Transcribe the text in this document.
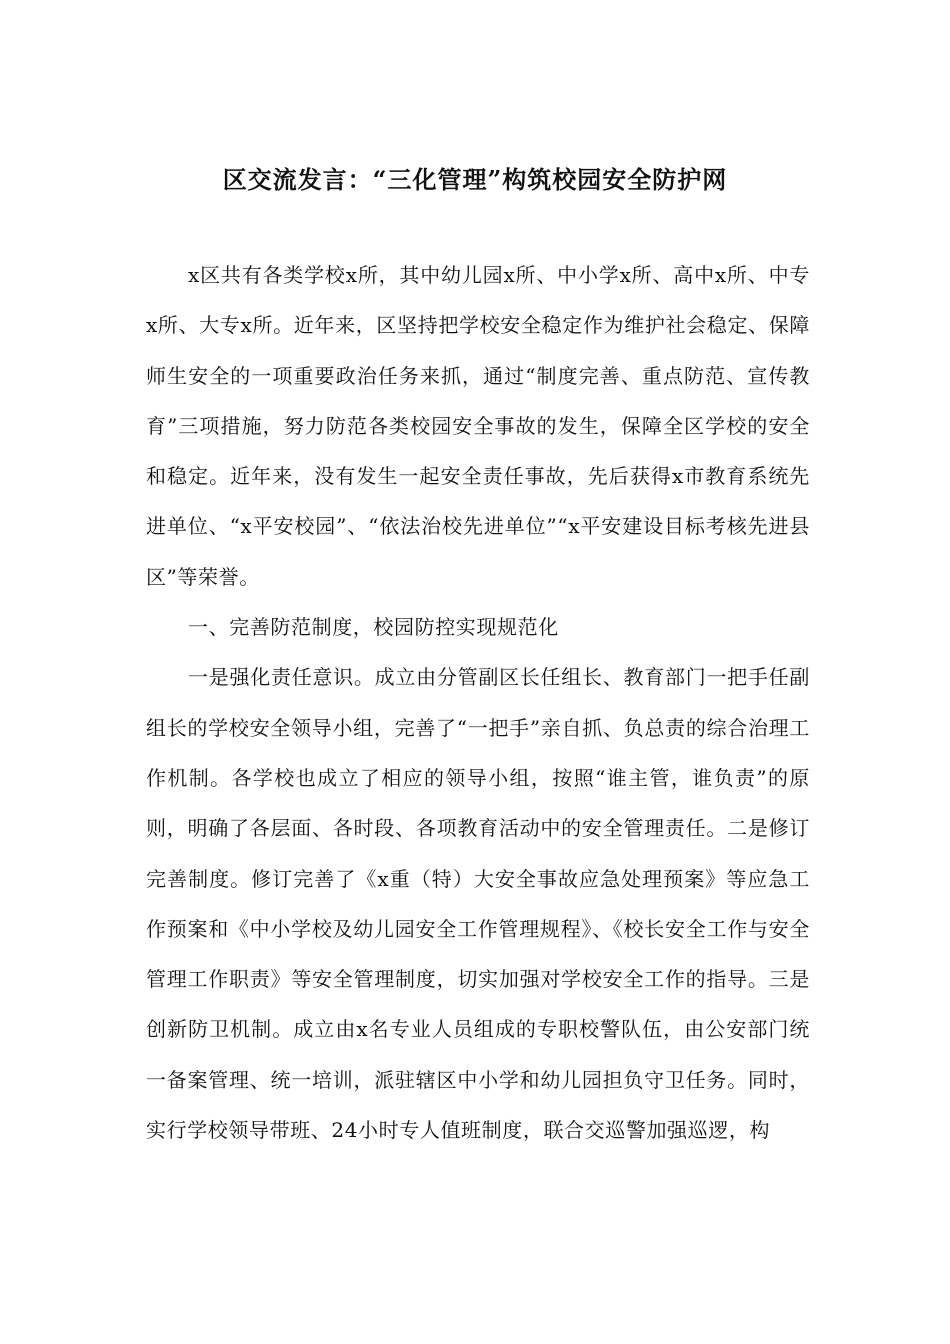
区交流发言：“三化管理”构筑校园安全防护网

x区共有各类学校x所，其中幼儿园x所、中小学x所、高中x所、中专x所、大专x所。近年来，区坚持把学校安全稳定作为维护社会稳定、保障师生安全的一项重要政治任务来抓，通过“制度完善、重点防范、宣传教育”三项措施，努力防范各类校园安全事故的发生，保障全区学校的安全和稳定。近年来，没有发生一起安全责任事故，先后获得x市教育系统先进单位、“x平安校园”、“依法治校先进单位”“x平安建设目标考核先进县区”等荣誉。

一、完善防范制度，校园防控实现规范化

一是强化责任意识。成立由分管副区长任组长、教育部门一把手任副组长的学校安全领导小组，完善了“一把手”亲自抓、负总责的综合治理工作机制。各学校也成立了相应的领导小组，按照“谁主管，谁负责”的原则，明确了各层面、各时段、各项教育活动中的安全管理责任。二是修订完善制度。修订完善了《x重（特）大安全事故应急处理预案》等应急工作预案和《中小学校及幼儿园安全工作管理规程》、《校长安全工作与安全管理工作职责》等安全管理制度，切实加强对学校安全工作的指导。三是创新防卫机制。成立由x名专业人员组成的专职校警队伍，由公安部门统一备案管理、统一培训，派驻辖区中小学和幼儿园担负守卫任务。同时，实行学校领导带班、24小时专人值班制度，联合交巡警加强巡逻，构
